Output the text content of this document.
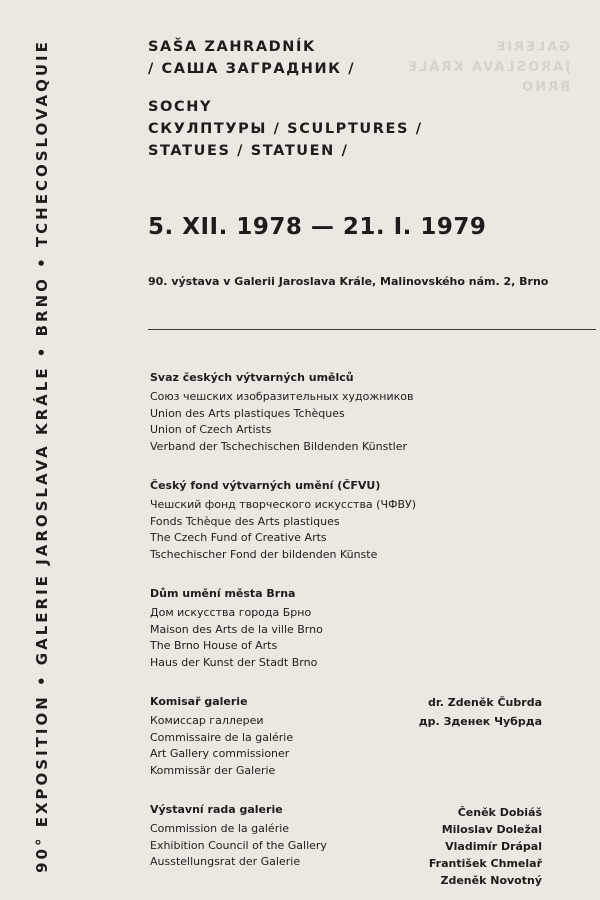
90° EXPOSITION • GALERIE JAROSLAVA KRÁLE • BRNO • TCHECOSLOVAQUIE	GALERIE
JAROSLAVA KRÁLE
BRNO
SAŠA ZAHRADNÍK
/ САША ЗАГРАДНИК /
SOCHY
СКУЛПТУРЫ / SCULPTURES /
STATUES / STATUEN /
5. XII. 1978 — 21. I. 1979
90. výstava v Galerii Jaroslava Krále, Malinovského nám. 2, Brno
Svaz českých výtvarných umělců
Союз чешских изобразительных художников
Union des Arts plastiques Tchèques
Union of Czech Artists
Verband der Tschechischen Bildenden Künstler
Český fond výtvarných umění (ČFVU)
Чешский фонд творческого искусства (ЧФВУ)
Fonds Tchèque des Arts plastiques
The Czech Fund of Creative Arts
Tschechischer Fond der bildenden Künste
Dům umění města Brna
Дом искусства города Брно
Maison des Arts de la ville Brno
The Brno House of Arts
Haus der Kunst der Stadt Brno
Komisař galerie
Комиссар галлереи
Commissaire de la galérie
Art Gallery commissioner
Kommissär der Galerie
dr. Zdeněk Čubrda
др. Зденек Чубрда
Výstavní rada galerie
Commission de la galérie
Exhibition Council of the Gallery
Ausstellungsrat der Galerie
Čeněk Dobiáš
Miloslav Doležal
Vladimír Drápal
František Chmelař
Zdeněk Novotný
